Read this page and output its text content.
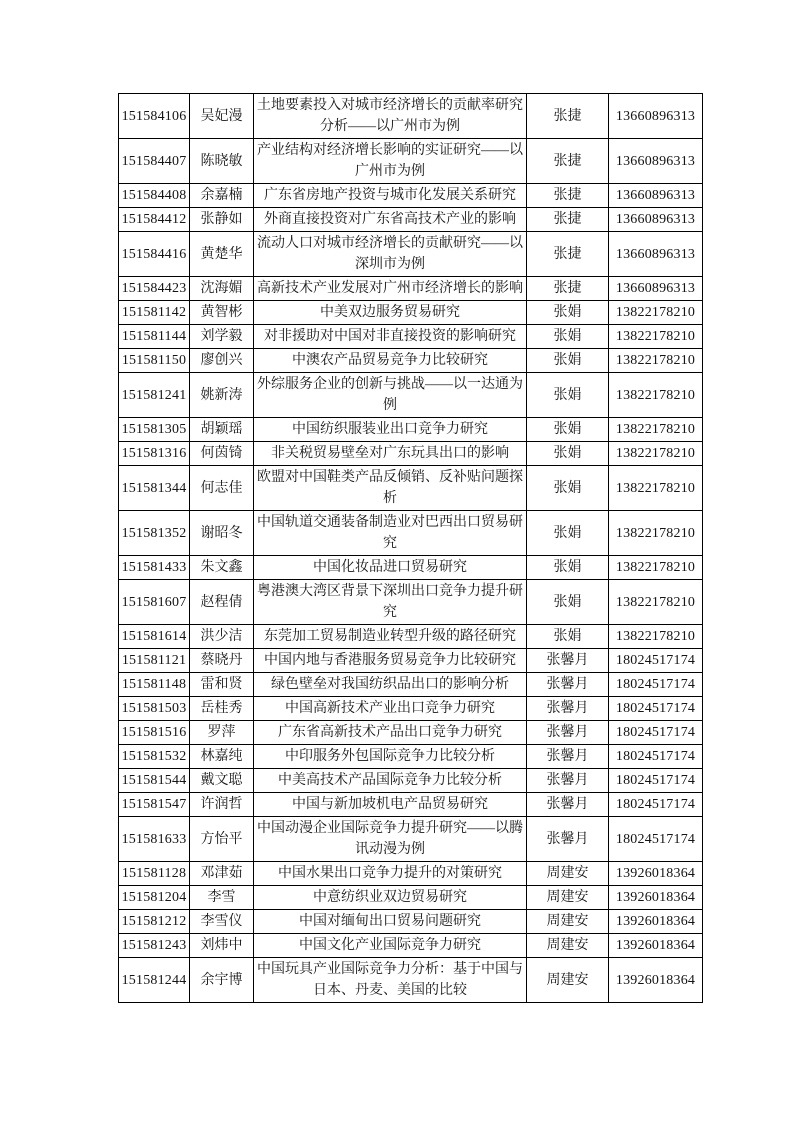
151584106	吴妃漫	土地要素投入对城市经济增长的贡献率研究分析——以广州市为例	张捷	13660896313
151584407	陈晓敏	产业结构对经济增长影响的实证研究——以广州市为例	张捷	13660896313
151584408	余嘉楠	广东省房地产投资与城市化发展关系研究	张捷	13660896313
151584412	张静如	外商直接投资对广东省高技术产业的影响	张捷	13660896313
151584416	黄楚华	流动人口对城市经济增长的贡献研究——以深圳市为例	张捷	13660896313
151584423	沈海媚	高新技术产业发展对广州市经济增长的影响	张捷	13660896313
151581142	黄智彬	中美双边服务贸易研究	张娟	13822178210
151581144	刘学毅	对非援助对中国对非直接投资的影响研究	张娟	13822178210
151581150	廖创兴	中澳农产品贸易竞争力比较研究	张娟	13822178210
151581241	姚新涛	外综服务企业的创新与挑战——以一达通为例	张娟	13822178210
151581305	胡颖瑶	中国纺织服装业出口竞争力研究	张娟	13822178210
151581316	何茵锜	非关税贸易壁垒对广东玩具出口的影响	张娟	13822178210
151581344	何志佳	欧盟对中国鞋类产品反倾销、反补贴问题探析	张娟	13822178210
151581352	谢昭冬	中国轨道交通装备制造业对巴西出口贸易研究	张娟	13822178210
151581433	朱文鑫	中国化妆品进口贸易研究	张娟	13822178210
151581607	赵程倩	粤港澳大湾区背景下深圳出口竞争力提升研究	张娟	13822178210
151581614	洪少洁	东莞加工贸易制造业转型升级的路径研究	张娟	13822178210
151581121	蔡晓丹	中国内地与香港服务贸易竞争力比较研究	张馨月	18024517174
151581148	雷和贤	绿色壁垒对我国纺织品出口的影响分析	张馨月	18024517174
151581503	岳桂秀	中国高新技术产业出口竞争力研究	张馨月	18024517174
151581516	罗萍	广东省高新技术产品出口竞争力研究	张馨月	18024517174
151581532	林嘉纯	中印服务外包国际竞争力比较分析	张馨月	18024517174
151581544	戴文聪	中美高技术产品国际竞争力比较分析	张馨月	18024517174
151581547	许润哲	中国与新加坡机电产品贸易研究	张馨月	18024517174
151581633	方怡平	中国动漫企业国际竞争力提升研究——以腾讯动漫为例	张馨月	18024517174
151581128	邓津茹	中国水果出口竞争力提升的对策研究	周建安	13926018364
151581204	李雪	中意纺织业双边贸易研究	周建安	13926018364
151581212	李雪仪	中国对缅甸出口贸易问题研究	周建安	13926018364
151581243	刘炜中	中国文化产业国际竞争力研究	周建安	13926018364
151581244	余宇博	中国玩具产业国际竞争力分析：基于中国与日本、丹麦、美国的比较	周建安	13926018364
